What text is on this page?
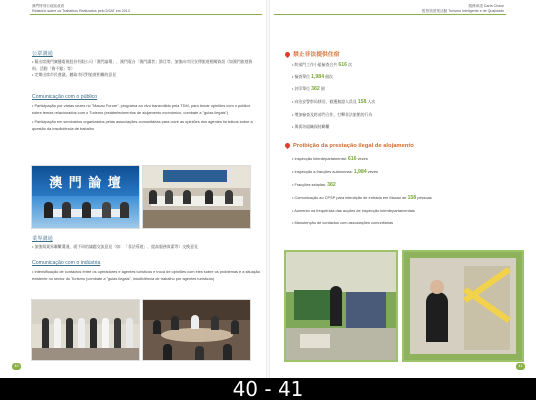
澳門特別行政區政府
Relatório sobre os Trabalhos Realizados pelo DSAT em 2013
公眾溝通
• 藉出席澳門廣播電視股份有限公司「澳門論壇」、澳門電台「澳門講者」節目等，加強向市民宣傳旅遊相關資訊（如澳門旅遊資料、活動「夠不鬆」等）
• 定期出席市民會議，聽取市民對旅遊相關的意見
Comunicação com o público
• Participação por várias vezes no "Macau Forum", programa ao vivo transmitido pela TDM, para trocar opiniões com o público sobre temas relacionados com o Turismo (estabelecimentos de alojamento económico, combate a "guias ilegais")
• Participação em seminários organizados pelas associações comunitárias para ouvir as opiniões dos agentes turísticos sobre a questão da insuficiência de trabalho
澳 門 論 壇
業界溝通
• 加強與業界聯繫溝通，就不同的議題交流意見（如：「非法導遊」、提高服務質素等）交換意見
Comunicação com o indústria
• Intensificação de contactos entre os operadores e agentes turísticos e troca de opiniões com eles sobre os problemas e a situação existente no sector do Turismo (combate a "guias ilegais", insuficiência de trabalho por agentes turísticos)
40
服務承諾 Carta Chave
監管旅遊業活動 Turismo Inteligente e de Qualidade
禁止非法提供住宿
• 跨部門工作小組檢查合共 616 次
• 檢查單位 1,984 個次
• 封印單位 382 個
• 向治安警察局移送、截獲無證人員及 158 人次
• 增加檢查及跨部門合作，打擊非法旅館的行為
• 與街坊組織保持聯繫
Proibição da prestação ilegal de alojamento
• Inspecção interdepartamental: 616 vezes
• Inspecção a fracções autónomas: 1,984 vezes
• Fracções seladas: 382
• Comunicação ao CPSP para interdição de entrada em Macau de 158 pessoas
• Aumento na frequência das acções de inspecção interdepartamentais
• Manutenção de contactos com associações comunitárias
41
40 - 41
